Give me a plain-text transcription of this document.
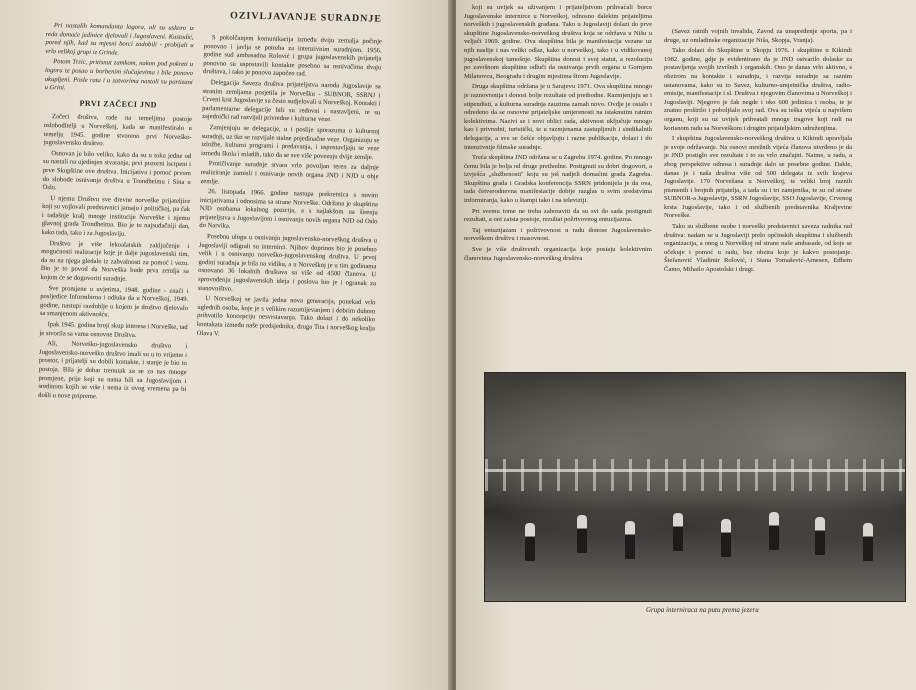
OZIVLJAVANJE SURADNJE

Pri nastalih komandanta logora, ali su uskoro iz reda domaće jedinice djelovali i Jugoslaveni. Kustodić, pored njih, kad su mjesni borci zadobili - probijali u vrlo velikoj grupi iz Grinde.

Potom Trzic, pritisnut zamkom, nakon pod pokreti u logoru te posao u borbenim slučajevima i bile ponovo okupljeni. Posle rata i u zatvorima nastali su partizani u Grini.

PRVI ZAČECI JND

Začeci društva, rade na temeljima postoje osloboditelji u Norveškoj, kada se manifestiralo u temelju 1945. godine stvoreno prvi Norveško-jugoslavensko društvo.

Osnovan je bilo veliko, kako da su u toku jedne od su nastali na ujedinjen stvaranje, prvi pozorni iscrpeni i prve Skupštine ove društva. Inicijativa i pomoć prvom do slobode osnivanja društva u Trondheimu i Sina u Oslu.

U njemu Društvu sve drevne norveške prijateljice koji su vojlovali predstavnici jamaju i političkoj, pa čak i tadašnje kralj mnoge institucije Norveške i njemu glavnoj grada Trondheima. Bio je to najsudačniji dan, kako tada, tako i za Jugoslaviju.

Društvo je više lekoalatskih zaključenje i mogućnosti realizacije koje je dalje jugoslavenski tim, da su na njega gledalo iz zahvalnosti za pomoć i vezu. Bio je to povod da Norveška bude prva zemlja sa kojom će se dogovoriti suradnje.

Sve promjene u uvjetima, 1948. godine - znači i posljedice Informbiroa i odluka da u Norveškoj, 1949. godine, nastupi razdoblje u kojem je društvo djelovalo sa smanjenom aktivnošću.

Ipak 1945. godina broji skup interesa i Norveške, tad je stvorila sa vama osnovne Društva.

Ali, Norveško-jugoslavensko društvo i Jugoslavensko-norveško društvo imali su u to vrijeme i prostor, i prijatelji su dobili kontakte, i stanje je bio to postoja. Bila je dobar trenutak za se za nas mnoge promjene, prije koji su nama bili sa Jugoslavijom i sredinom kojih se više i nema iz ovog vremena pa bi došli u nove pripreme.

S pokolčanjem komunikacija između dviju zemalja počinje ponovno i javlja se potreba za intenzivnim suradnjom. 1956. godine sud ambasadna Rolović i grupa jugoslavenskih prijatelja ponovno su uspostavili kontakte posebno sa osnivačima dvaju društava, i tako je ponovo započeo rad.

Delegacija Saveza društva prijateljstva naroda Jugoslavije sa stranim zemljama posjetila je Norvešku - SUBNOR, SSRNJ i Crveni krst Jugoslavije su često sudjelovali u Norveškoj. Kontakti i parlamentarne delegacije bili su redovni i nastavljeni, te su zajednički rad razvijali privredne i kulturne veze.

Zamjenjuju se delegacije, u i poslije sporazuma o kulturnoj suradnji, uz tko se razvijale stalne pojedinačne veze. Organizuju se izložbe, kulturni programi i predavanja, i uspostavljaju se veze između škola i mladih, tako da se sve više povezuju dvije zemlje.

Protičivanje suradnje stvara vrlo povoljan teren za daljnje realiziranje zamisli i osnivanje novih organa JND i NJD u obje zemlje.

26. listopada 1966. godine nastupa prekretnica s novim inicijativama i odnosima sa strane Norveške. Održana je skupština NJD osobama lokalnog pozicija, a s najlakšom na širenju prijateljstva s Jugoslavijom i osnivanju novih organa NJD od Oslo do Narvika.

Posebnu ulogu u osnivanju jugoslavensko-norveškog društva u Jugoslaviji odigrali su internirci. Njihov doprinos bio je posebno velik i u osnivanju norveško-jugoslavenskog društva. U prvoj godini suradnja je bila na vidiku, a u Norveškoj je u tim godinama osnovano 36 lokalnih društava sa više od 4500 članova. U sprovođenju jugoslavenskih ideja i poslova bio je i ogranak za stanovništvo.

U Norveškoj se javila jedna nova generacija, ponekad vrlo uglednih osoba, koje je s velikim razumijevanjem i dobrim duhom prihvatilo koncepciju nesvrstavanja. Tako dolazi i do nekoliko kontakata između naše predsjednika, druga Tita i norveškog kralja Olava V.

koji su uvijek sa uživanjem i prijateljstvom prihvaćali borce Jugoslavenske internirce u Norveškoj, odnosno dalekim prijateljima norveških i jugoslavenskih građana. Tako u Jugoslaviji dolazi do prve skupštine Jugoslavensko-norveškog društva koja se održava u Nišu u veljači 1969. godine. Ova skupština bila je manifestacija vezane uz njih naslije i nas veliki odlaz, kako u norveškoj, tako i u vidikovanoj jugoslavenskoj tamošnje. Skupština donosi i svoj statut, a rezoluciju po završnom skupštinu odluči da osnivanja prvih organa u Gornjem Milanovcu, Beogradu i drugim mjestima širom Jugoslavije.

Druga skupština održana je u Sarajevu 1971. Ova skupština mnogo je raznovrsnija i donosi bolje rezultate od prethodne. Razmjenjuju se i stipendisti, a kulturna suradnja zauzima zamah novo. Ovdje je ostalo i odredeno da se osnovne prijateljske umjerenosti na istaknutim ratnim kolektivima. Nazivi se i novi oblici rada, aktivnost uključuje mnogo kao i privredni, turistički, te u razmjenama zastupljenih i sindikalnih delegacija, a sve se češće objavljuju i razne publikacije, dolazi i do intenzivnije filmske suradnje.

Treća skupština JND održana se u Zagrebu 1974. godine. Po mnogo čemu bila je bolja od druge prethodne. Postignuti su dobri dogovori, a izvješća „službenosti" koju su još nadjeli domaćini grada Zagreba. Skupština grada i Gradska konferencija SSRN pridonijela je da ova, tada četverodnevna manifestacije dobije razglas u svim sredstvima informiranja, kako u štampi tako i na televiziji.

Pri svemu tome ne treba zaboraviti da su svi do sada postignuti rezultati, a oni zaista postoje, rezultat požrtvovnog entuzijazma.

Taj entuzijazam i požrtvovnost u radu donose Jugoslavensko-norveškom društvu i masovnost.

Sve je više društvenih organizacija koje postaju kolektivnim članovima Jugoslavensko-norveškog društva

(Savez ratnih vojnih invalida, Zavod za unapređenje sporta, pa i druge, uz omladinske organizacije Niša, Skopja, Vranja).

Tako dolazi do Skupštine u Skopju 1976. i skupštine u Kikindi 1982. godine, gdje je evidentirano da je JND ostvarilo dolaske za postavljenja svojih izvršnih i organskih. Ono je danas vrlo aktivno, s obzirom na kontakte i suradnju, i razvija suradnje sa raznim ustanovama, kako su to Savez, kulturno-umjetnička društva, radio-emisije, manifestacije i sl. Društva i njegovim članovima u Norveškoj i Jugoslaviji. Njegovo je čak negde i oko 600 jedinica i osoba, te je znatno proširilo i poboljšalo svoj rad. Ova su teška vijeća u najvišem organu, koji su uz uvijek prihvatali mnoge tragove koji radi na korisnom radu sa Norveškom i drugim prijateljskim udruženjima.

I skupština Jugoslavensko-norveškog društva u Kikindi upravljala je svoje održavanje. Na osnovi mrežnih vijeća članova utvrđeno je da je JND postiglo sve rezultate i to su vrlo značajni. Naime, u radu, a zbog perspektive odnosa i suradnje dalo se posebne godine. Dakle, danas je i naša društva više od 500 delegata iz svih krajeva Jugoslavije. 170 Norvežana u Norveškoj, te veliki broj raznih pismenih i brojnih prijatelja, a tada su i tri zamjenika, te su od strane SUBNOR-a Jugoslavije, SSRN Jugoslavije, SSO Jugoslavije, Crvenog krsta Jugoslavije, tako i od službenih predstavnika Kraljevine Norveške.

Tako su službene osobe i norveški predstavnici saveza radnika rad društva: nadam se u Jugoslaviji prelo općinskih skupština i službenih organizacija, a onog u Norveškoj od strane naše ambasade, od koje se očekuje i pomoć u radu, bez obzira koje je kakvo postojanje. Štefanović Vladimir Rolović, i Stana Tomašević-Arnesen, Edhem Čamo, Mihailo Apostolski i drugi.

Grupa internirаca na putu prema jezeru
